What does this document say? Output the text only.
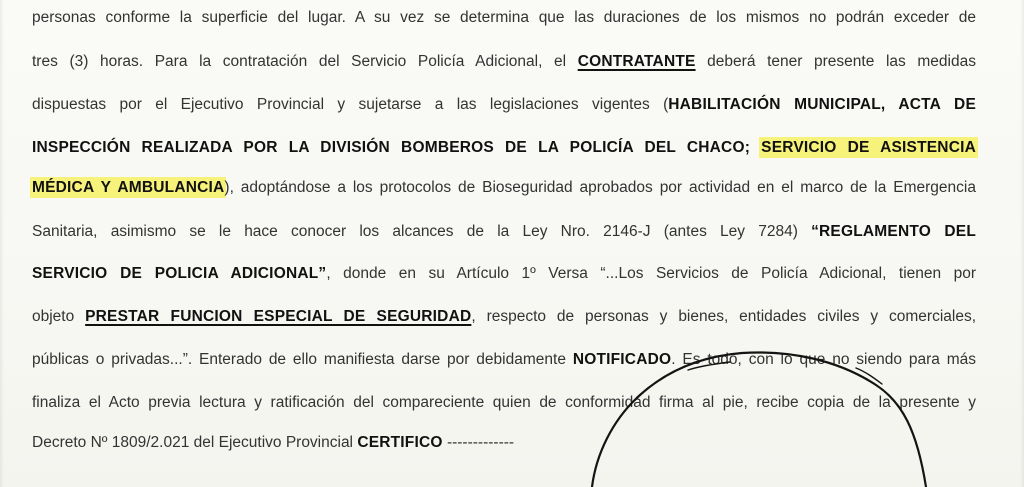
personas conforme la superficie del lugar. A su vez se determina que las duraciones de los mismos no podrán exceder de
tres (3) horas. Para la contratación del Servicio Policía Adicional, el CONTRATANTE deberá tener presente las medidas
dispuestas por el Ejecutivo Provincial y sujetarse a las legislaciones vigentes (HABILITACIÓN MUNICIPAL, ACTA DE
INSPECCIÓN REALIZADA POR LA DIVISIÓN BOMBEROS DE LA POLICÍA DEL CHACO; SERVICIO DE ASISTENCIA
MÉDICA Y AMBULANCIA), adoptándose a los protocolos de Bioseguridad aprobados por actividad en el marco de la Emergencia
Sanitaria, asimismo se le hace conocer los alcances de la Ley Nro. 2146-J (antes Ley 7284) “REGLAMENTO DEL
SERVICIO DE POLICIA ADICIONAL”, donde en su Artículo 1º Versa “...Los Servicios de Policía Adicional, tienen por
objeto PRESTAR FUNCION ESPECIAL DE SEGURIDAD, respecto de personas y bienes, entidades civiles y comerciales,
públicas o privadas...”. Enterado de ello manifiesta darse por debidamente NOTIFICADO. Es todo, con lo que no siendo para más
finaliza el Acto previa lectura y ratificación del compareciente quien de conformidad firma al pie, recibe copia de la presente y
Decreto Nº 1809/2.021 del Ejecutivo Provincial CERTIFICO -------------
